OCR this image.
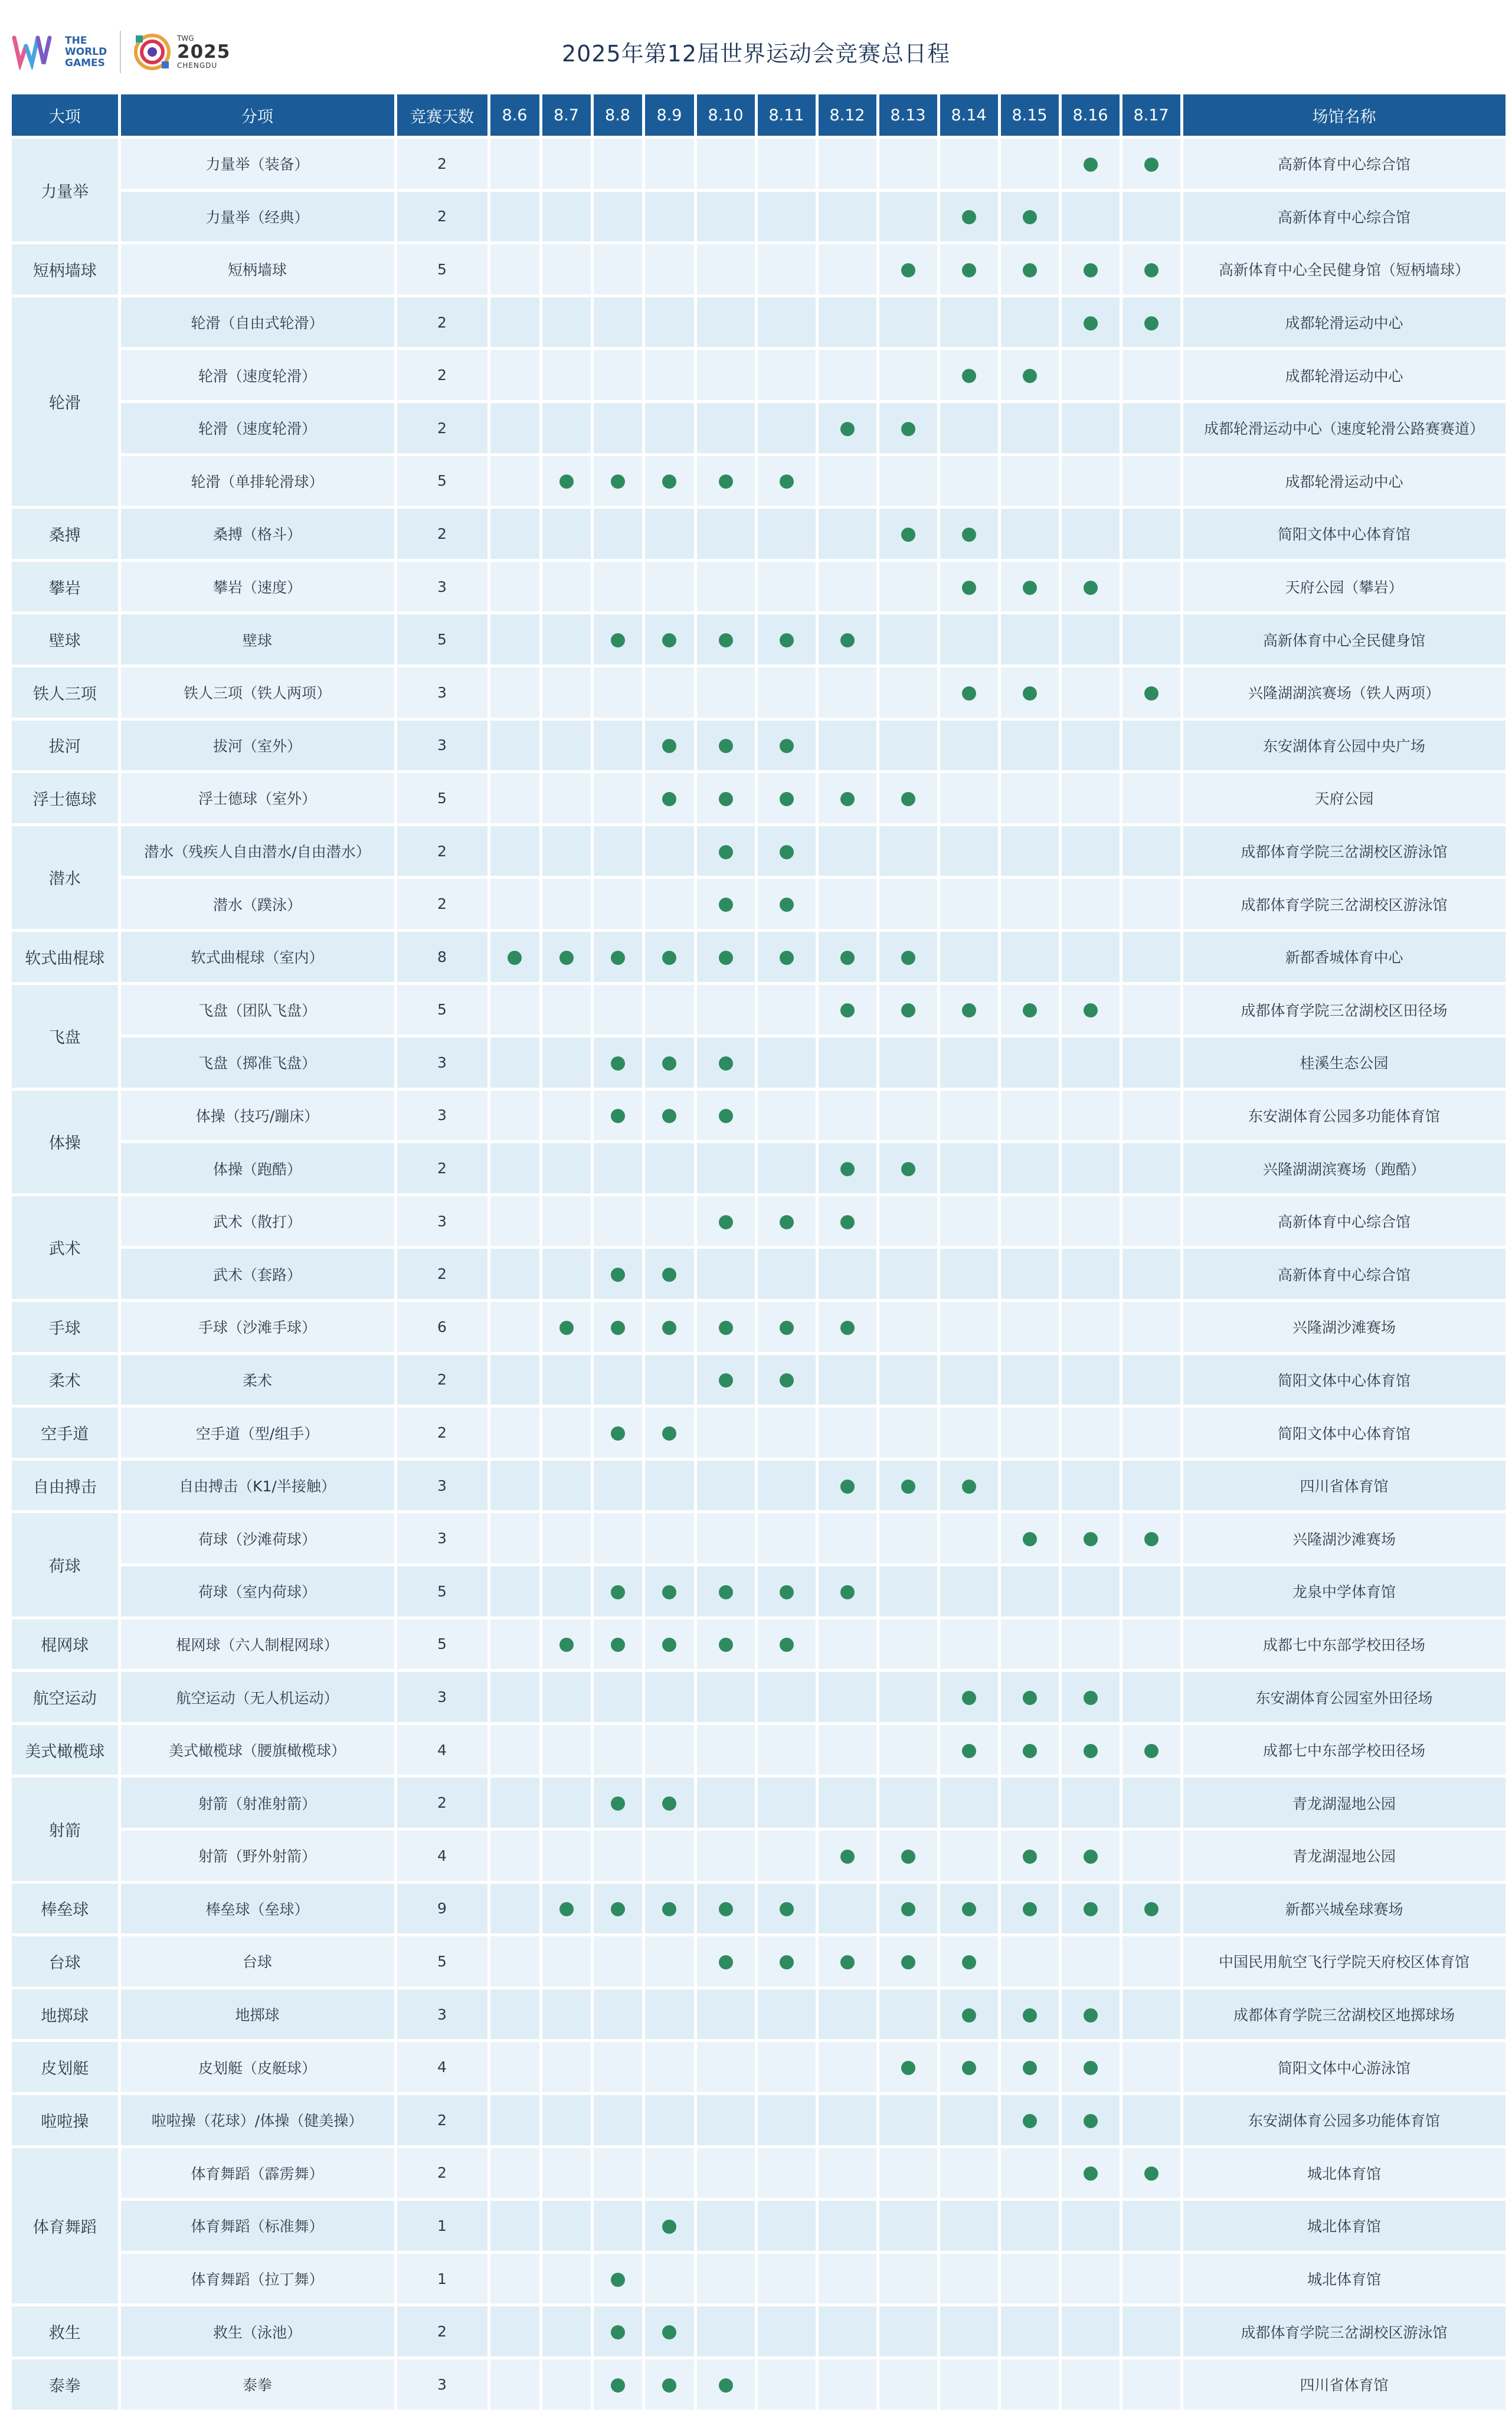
THE
WORLD
GAMES
TWG
2025
CHENGDU	2025年第12届世界运动会竞赛总日程
大项	分项	竞赛天数	8.6	8.7	8.8	8.9	8.10	8.11	8.12	8.13	8.14	8.15	8.16	8.17	场馆名称
力量举	力量举（装备）	2													高新体育中心综合馆
	力量举（经典）	2													高新体育中心综合馆
短柄墙球	短柄墙球	5													高新体育中心全民健身馆（短柄墙球）
轮滑	轮滑（自由式轮滑）	2													成都轮滑运动中心
	轮滑（速度轮滑）	2													成都轮滑运动中心
	轮滑（速度轮滑）	2													成都轮滑运动中心（速度轮滑公路赛赛道）
	轮滑（单排轮滑球）	5													成都轮滑运动中心
桑搏	桑搏（格斗）	2													简阳文体中心体育馆
攀岩	攀岩（速度）	3													天府公园（攀岩）
壁球	壁球	5													高新体育中心全民健身馆
铁人三项	铁人三项（铁人两项）	3													兴隆湖湖滨赛场（铁人两项）
拔河	拔河（室外）	3													东安湖体育公园中央广场
浮士德球	浮士德球（室外）	5													天府公园
潜水	潜水（残疾人自由潜水/自由潜水）	2													成都体育学院三岔湖校区游泳馆
	潜水（蹼泳）	2													成都体育学院三岔湖校区游泳馆
软式曲棍球	软式曲棍球（室内）	8													新都香城体育中心
飞盘	飞盘（团队飞盘）	5													成都体育学院三岔湖校区田径场
	飞盘（掷准飞盘）	3													桂溪生态公园
体操	体操（技巧/蹦床）	3													东安湖体育公园多功能体育馆
	体操（跑酷）	2													兴隆湖湖滨赛场（跑酷）
武术	武术（散打）	3													高新体育中心综合馆
	武术（套路）	2													高新体育中心综合馆
手球	手球（沙滩手球）	6													兴隆湖沙滩赛场
柔术	柔术	2													简阳文体中心体育馆
空手道	空手道（型/组手）	2													简阳文体中心体育馆
自由搏击	自由搏击（K1/半接触）	3													四川省体育馆
荷球	荷球（沙滩荷球）	3													兴隆湖沙滩赛场
	荷球（室内荷球）	5													龙泉中学体育馆
棍网球	棍网球（六人制棍网球）	5													成都七中东部学校田径场
航空运动	航空运动（无人机运动）	3													东安湖体育公园室外田径场
美式橄榄球	美式橄榄球（腰旗橄榄球）	4													成都七中东部学校田径场
射箭	射箭（射准射箭）	2													青龙湖湿地公园
	射箭（野外射箭）	4													青龙湖湿地公园
棒垒球	棒垒球（垒球）	9													新都兴城垒球赛场
台球	台球	5													中国民用航空飞行学院天府校区体育馆
地掷球	地掷球	3													成都体育学院三岔湖校区地掷球场
皮划艇	皮划艇（皮艇球）	4													简阳文体中心游泳馆
啦啦操	啦啦操（花球）/体操（健美操）	2													东安湖体育公园多功能体育馆
体育舞蹈	体育舞蹈（霹雳舞）	2													城北体育馆
	体育舞蹈（标准舞）	1													城北体育馆
	体育舞蹈（拉丁舞）	1													城北体育馆
救生	救生（泳池）	2													成都体育学院三岔湖校区游泳馆
泰拳	泰拳	3													四川省体育馆
